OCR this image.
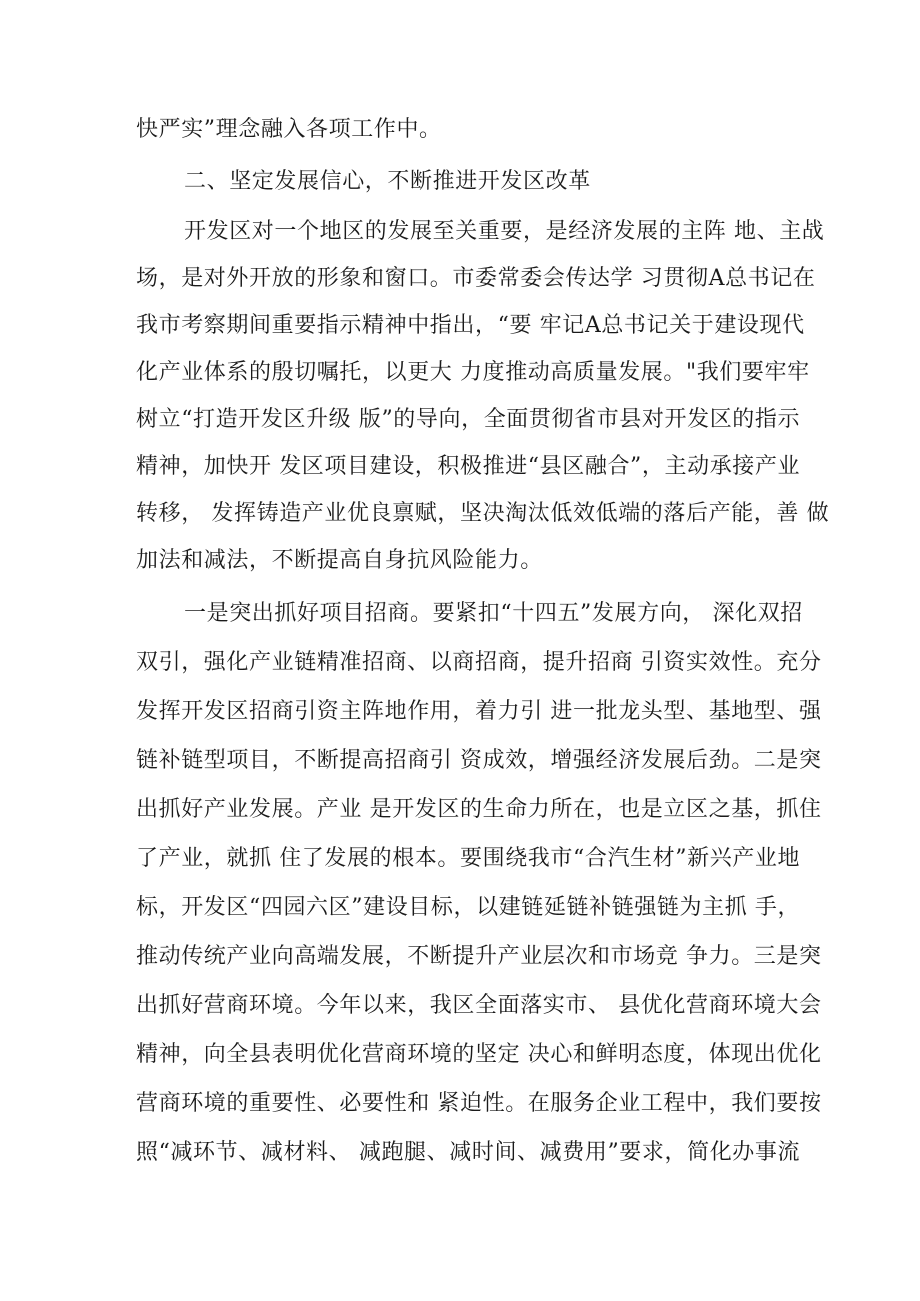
快严实”理念融入各项工作中。
二、坚定发展信心，不断推进开发区改革
开发区对一个地区的发展至关重要，是经济发展的主阵 地、主战
场，是对外开放的形象和窗口。市委常委会传达学 习贯彻A总书记在
我市考察期间重要指示精神中指出，“要 牢记A总书记关于建设现代
化产业体系的殷切嘱托，以更大 力度推动高质量发展。"我们要牢牢
树立“打造开发区升级 版”的导向，全面贯彻省市县对开发区的指示
精神，加快开 发区项目建设，积极推进“县区融合”，主动承接产业
转移， 发挥铸造产业优良禀赋，坚决淘汰低效低端的落后产能，善 做
加法和减法，不断提高自身抗风险能力。
一是突出抓好项目招商。要紧扣“十四五”发展方向， 深化双招
双引，强化产业链精准招商、以商招商，提升招商 引资实效性。充分
发挥开发区招商引资主阵地作用，着力引 进一批龙头型、基地型、强
链补链型项目，不断提高招商引 资成效，增强经济发展后劲。二是突
出抓好产业发展。产业 是开发区的生命力所在，也是立区之基，抓住
了产业，就抓 住了发展的根本。要围绕我市“合汽生材”新兴产业地
标，开发区“四园六区”建设目标，以建链延链补链强链为主抓 手，
推动传统产业向高端发展，不断提升产业层次和市场竞 争力。三是突
出抓好营商环境。今年以来，我区全面落实市、 县优化营商环境大会
精神，向全县表明优化营商环境的坚定 决心和鲜明态度，体现出优化
营商环境的重要性、必要性和 紧迫性。在服务企业工程中，我们要按
照“减环节、减材料、 减跑腿、减时间、减费用”要求，简化办事流
